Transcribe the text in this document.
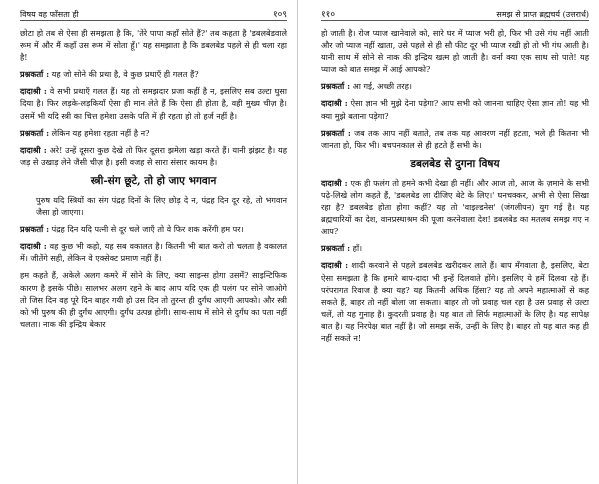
विषय वह फाँसता ही	१०९

छोटा हो तब से ऐसा ही समझता है कि, 'तेरे पापा कहाँ सोते हैं?' तब कहता है 'डबलबेडवाले रूम में और मैं कहाँ उस रूम में सोता हूँ।' यह समझाता है कि डबलबेड पहले से ही चला रहा है!

प्रश्नकर्ता : यह जो सोने की प्रथा है, वे कुछ प्रथाएँ ही गलत हैं?

दादाश्री : वे सभी प्रथाएँ गलत हैं। यह तो समझदार प्रजा कहीं है न, इसलिए सब उल्टा घुसा दिया है। फिर लड़के-लड़कियाँ ऐसा ही मान लेते हैं कि ऐसा ही होता है, वही मुख्य चीज़ है। उसमें भी यदि स्त्री का चित्त हमेशा उसके पति में ही रहता हो तो हर्ज नहीं है।

प्रश्नकर्ता : लेकिन यह हमेशा रहता नहीं है न?

दादाश्री : अरे! उन्हें दूसरा कुछ देखे तो फिर दूसरा झमेला खड़ा करते हैं। यानी झंझट है। यह जड़ से उखाड़ लेने जैसी चीज़ है। इसी वजह से सारा संसार कायम है।

स्त्री-संग छूटे, तो हो जाए भगवान

पुरुष यदि स्त्रियों का संग पंद्रह दिनों के लिए छोड़ दे न, पंद्रह दिन दूर रहे, तो भगवान जैसा हो जाएगा।

प्रश्नकर्ता : पंद्रह दिन यदि पत्नी से दूर चले जाएँ तो वे फिर शक करेंगी हम पर।

दादाश्री : वह कुछ भी कहो, यह सब वकालत है। कितनी भी बात करो तो चलता है वकालत में। जीतेंगे सही, लेकिन वे एक्सेक्ट प्रमाण नहीं हैं।

हम कहते हैं, अकेले अलग कमरे में सोने के लिए, क्या साइन्स होगा उसमें? साइन्टिफिक कारण है इसके पीछे। सालभर अलग रहने के बाद आप यदि एक ही पलंग पर सोने जाओगे तो जिस दिन वह पूरे दिन बाहर गयी हो उस दिन तो तुरन्त ही दुर्गंध आएगी आपको। और स्त्री को भी पुरुष की ही दुर्गंध आएगी। दुर्गंध उत्पन्न होगी। साथ-साथ में सोने से दुर्गंध का पता नहीं चलता। नाक की इन्द्रिय बेकार

११०	समझ से प्राप्त ब्रह्मचर्य (उत्तरार्ध)

हो जाती है। रोज प्याज खानेवाले को, सारे घर में प्याज भरी हो, फिर भी उसे गंध नहीं आती और जो प्याज नहीं खाता, उसे पहले से ही सौ फीट दूर भी प्याज रखी हो तो भी गंध आती है। यानी साथ में सोने से नाक की इन्द्रिय खत्म हो जाती है। वर्ना क्या एक साथ सो पाते! यह प्याज को बात समझ में आई आपको?

प्रश्नकर्ता : आ गई, अच्छी तरह।

दादाश्री : ऐसा ज्ञान भी मुझे देना पड़ेगा? आप सभी को जानना चाहिए ऐसा ज्ञान तो! यह भी क्या मुझे बताना पड़ेगा?

प्रश्नकर्ता : जब तक आप नहीं बताते, तब तक यह आवरण नहीं हटता, भले ही कितना भी जानता हो, फिर भी। बचपनकाल से ही हटते हैं सभी के।

डबलबेड से दुगना विषय

दादाश्री : एक ही फलंग तो हमने कभी देखा ही नहीं। और आज तो, आज के ज़माने के सभी पढ़े-लिखे लोग कहते हैं, 'डबलबेड ला दीजिए बेटे के लिए।' घनचक्कर, अभी से ऐसा सिखा रहा है? डबलबेड होता होगा कहीं? यह तो 'वाइल्डनेस' (जंगलीपन) युग गई है। यह ब्रह्मचारियों का देश, वानप्रस्थाश्रम की पूजा करनेवाला देश! डबलबेड का मतलब समझ गए न आप?

प्रश्नकर्ता : हाँ।

दादाश्री : शादी करवाने से पहले डबलबेड खरीदकर लाते हैं। बाप मँगवाता है, इसलिए, बेटा ऐसा समझता है कि हमारे बाप-दादा भी इन्हें दिलवाते होंगे। इसलिए ये हमें दिलवा रहे हैं। परंपरागत रिवाज है क्या यह? यह कितनी अधिक हिंसा? यह तो अपने महात्माओं से कह सकते हैं, बाहर तो नहीं बोला जा सकता। बाहर तो जो प्रवाह चल रहा है उस प्रवाह से उल्टा चलें, तो यह गुनाह है। कुदरती प्रवाह है। यह बात तो सिर्फ महात्माओं के लिए है। यह सापेक्ष बात है। यह निरपेक्ष बात नहीं है। जो समझ सकें, उन्हीं के लिए है। बाहर तो यह बात कह ही नहीं सकते न!
